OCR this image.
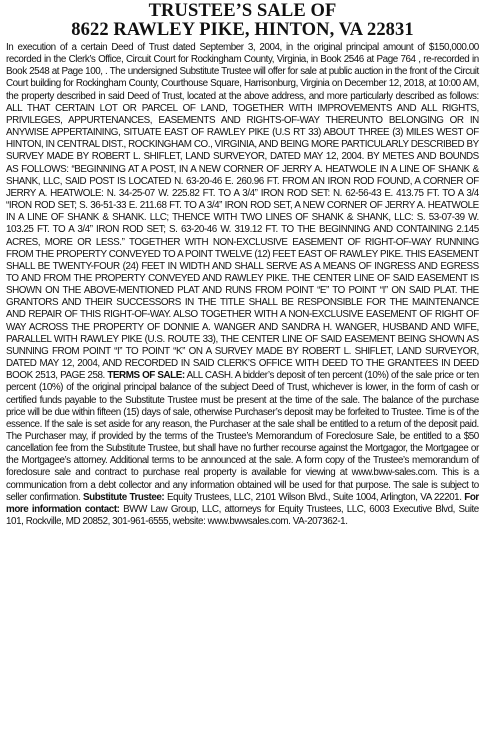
TRUSTEE’S SALE OF
8622 RAWLEY PIKE, HINTON, VA 22831

In execution of a certain Deed of Trust dated September 3, 2004, in the original principal amount of $150,000.00 recorded in the Clerk’s Office, Circuit Court for Rockingham County, Virginia, in Book 2546 at Page 764 , re-recorded in Book 2548 at Page 100, . The undersigned Substitute Trustee will offer for sale at public auction in the front of the Circuit Court building for Rockingham County, Courthouse Square, Harrisonburg, Virginia on December 12, 2018, at 10:00 AM, the property described in said Deed of Trust, located at the above address, and more particularly described as follows: ALL THAT CERTAIN LOT OR PARCEL OF LAND, TOGETHER WITH IMPROVEMENTS AND ALL RIGHTS, PRIVILEGES, APPURTENANCES, EASEMENTS AND RIGHTS-OF-WAY THEREUNTO BELONGING OR IN ANYWISE APPERTAINING, SITUATE EAST OF RAWLEY PIKE (U.S RT 33) ABOUT THREE (3) MILES WEST OF HINTON, IN CENTRAL DIST., ROCKINGHAM CO., VIRGINIA, AND BEING MORE PARTICULARLY DESCRIBED BY SURVEY MADE BY ROBERT L. SHIFLET, LAND SURVEYOR, DATED MAY 12, 2004. BY METES AND BOUNDS AS FOLLOWS: “BEGINNING AT A POST, IN A NEW CORNER OF JERRY A. HEATWOLE IN A LINE OF SHANK & SHANK, LLC, SAID POST IS LOCATED N. 63-20-46 E. 260.96 FT. FROM AN IRON ROD FOUND, A CORNER OF JERRY A. HEATWOLE: N. 34-25-07 W. 225.82 FT. TO A 3/4” IRON ROD SET: N. 62-56-43 E. 413.75 FT. TO A 3/4 “IRON ROD SET; S. 36-51-33 E. 211.68 FT. TO A 3/4” IRON ROD SET, A NEW CORNER OF JERRY A. HEATWOLE IN A LINE OF SHANK & SHANK. LLC; THENCE WITH TWO LINES OF SHANK & SHANK, LLC: S. 53-07-39 W. 103.25 FT. TO A 3/4” IRON ROD SET; S. 63-20-46 W. 319.12 FT. TO THE BEGINNING AND CONTAINING 2.145 ACRES, MORE OR LESS.” TOGETHER WITH NON-EXCLUSIVE EASEMENT OF RIGHT-OF-WAY RUNNING FROM THE PROPERTY CONVEYED TO A POINT TWELVE (12) FEET EAST OF RAWLEY PIKE. THIS EASEMENT SHALL BE TWENTY-FOUR (24) FEET IN WIDTH AND SHALL SERVE AS A MEANS OF INGRESS AND EGRESS TO AND FROM THE PROPERTY CONVEYED AND RAWLEY PIKE. THE CENTER LINE OF SAID EASEMENT IS SHOWN ON THE ABOVE-MENTIONED PLAT AND RUNS FROM POINT “E” TO POINT “I” ON SAID PLAT. THE GRANTORS AND THEIR SUCCESSORS IN THE TITLE SHALL BE RESPONSIBLE FOR THE MAINTENANCE AND REPAIR OF THIS RIGHT-OF-WAY. ALSO TOGETHER WITH A NON-EXCLUSIVE EASEMENT OF RIGHT OF WAY ACROSS THE PROPERTY OF DONNIE A. WANGER AND SANDRA H. WANGER, HUSBAND AND WIFE, PARALLEL WITH RAWLEY PIKE (U.S. ROUTE 33), THE CENTER LINE OF SAID EASEMENT BEING SHOWN AS SUNNING FROM POINT “I” TO POINT “K” ON A SURVEY MADE BY ROBERT L. SHIFLET, LAND SURVEYOR, DATED MAY 12, 2004, AND RECORDED IN SAID CLERK’S OFFICE WITH DEED TO THE GRANTEES IN DEED BOOK 2513, PAGE 258. TERMS OF SALE: ALL CASH. A bidder’s deposit of ten percent (10%) of the sale price or ten percent (10%) of the original principal balance of the subject Deed of Trust, whichever is lower, in the form of cash or certified funds payable to the Substitute Trustee must be present at the time of the sale. The balance of the purchase price will be due within fifteen (15) days of sale, otherwise Purchaser’s deposit may be forfeited to Trustee. Time is of the essence. If the sale is set aside for any reason, the Purchaser at the sale shall be entitled to a return of the deposit paid. The Purchaser may, if provided by the terms of the Trustee’s Memorandum of Foreclosure Sale, be entitled to a $50 cancellation fee from the Substitute Trustee, but shall have no further recourse against the Mortgagor, the Mortgagee or the Mortgagee’s attorney. Additional terms to be announced at the sale. A form copy of the Trustee’s memorandum of foreclosure sale and contract to purchase real property is available for viewing at www.bww-sales.com. This is a communication from a debt collector and any information obtained will be used for that purpose. The sale is subject to seller confirmation. Substitute Trustee: Equity Trustees, LLC, 2101 Wilson Blvd., Suite 1004, Arlington, VA 22201. For more information contact: BWW Law Group, LLC, attorneys for Equity Trustees, LLC, 6003 Executive Blvd, Suite 101, Rockville, MD 20852, 301-961-6555, website: www.bwwsales.com. VA-207362-1.
